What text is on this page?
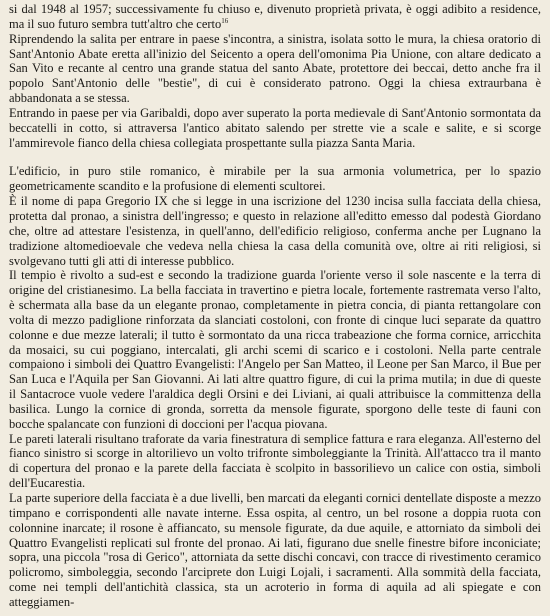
si dal 1948 al 1957; successivamente fu chiuso e, divenuto proprietà privata, è oggi adibito a residence, ma il suo futuro sembra tutt'altro che certo$^{16}$

Riprendendo la salita per entrare in paese s'incontra, a sinistra, isolata sotto le mura, la chiesa oratorio di Sant'Antonio Abate eretta all'inizio del Seicento a opera dell'omonima Pia Unione, con altare dedicato a San Vito e recante al centro una grande statua del santo Abate, protettore dei beccai, detto anche fra il popolo Sant'Antonio delle "bestie", di cui è considerato patrono. Oggi la chiesa extraurbana è abbandonata a se stessa.

Entrando in paese per via Garibaldi, dopo aver superato la porta medievale di Sant'Antonio sormontata da beccatelli in cotto, si attraversa l'antico abitato salendo per strette vie a scale e salite, e si scorge l'ammirevole fianco della chiesa collegiata prospettante sulla piazza Santa Maria.

L'edificio, in puro stile romanico, è mirabile per la sua armonia volumetrica, per lo spazio geometricamente scandito e la profusione di elementi scultorei.

È il nome di papa Gregorio IX che si legge in una iscrizione del 1230 incisa sulla facciata della chiesa, protetta dal pronao, a sinistra dell'ingresso; e questo in relazione all'editto emesso dal podestà Giordano che, oltre ad attestare l'esistenza, in quell'anno, dell'edificio religioso, conferma anche per Lugnano la tradizione altomedioevale che vedeva nella chiesa la casa della comunità ove, oltre ai riti religiosi, si svolgevano tutti gli atti di interesse pubblico.

Il tempio è rivolto a sud-est e secondo la tradizione guarda l'oriente verso il sole nascente e la terra di origine del cristianesimo. La bella facciata in travertino e pietra locale, fortemente rastremata verso l'alto, è schermata alla base da un elegante pronao, completamente in pietra concia, di pianta rettangolare con volta di mezzo padiglione rinforzata da slanciati costoloni, con fronte di cinque luci separate da quattro colonne e due mezze laterali; il tutto è sormontato da una ricca trabeazione che forma cornice, arricchita da mosaici, su cui poggiano, intercalati, gli archi scemi di scarico e i costoloni. Nella parte centrale compaiono i simboli dei Quattro Evangelisti: l'Angelo per San Matteo, il Leone per San Marco, il Bue per San Luca e l'Aquila per San Giovanni. Ai lati altre quattro figure, di cui la prima mutila; in due di queste il Santacroce vuole vedere l'araldica degli Orsini e dei Liviani, ai quali attribuisce la committenza della basilica. Lungo la cornice di gronda, sorretta da mensole figurate, sporgono delle teste di fauni con bocche spalancate con funzioni di doccioni per l'acqua piovana.

Le pareti laterali risultano traforate da varia finestratura di semplice fattura e rara eleganza. All'esterno del fianco sinistro si scorge in altorilievo un volto trifronte simboleggiante la Trinità. All'attacco tra il manto di copertura del pronao e la parete della facciata è scolpito in bassorilievo un calice con ostia, simboli dell'Eucarestia.

La parte superiore della facciata è a due livelli, ben marcati da eleganti cornici dentellate disposte a mezzo timpano e corrispondenti alle navate interne. Essa ospita, al centro, un bel rosone a doppia ruota con colonnine inarcate; il rosone è affiancato, su mensole figurate, da due aquile, e attorniato da simboli dei Quattro Evangelisti replicati sul fronte del pronao. Ai lati, figurano due snelle finestre bifore inconiciate; sopra, una piccola "rosa di Gerico", attorniata da sette dischi concavi, con tracce di rivestimento ceramico policromo, simboleggia, secondo l'arciprete don Luigi Lojali, i sacramenti. Alla sommità della facciata, come nei templi dell'antichità classica, sta un acroterio in forma di aquila ad ali spiegate e con atteggiamen-
